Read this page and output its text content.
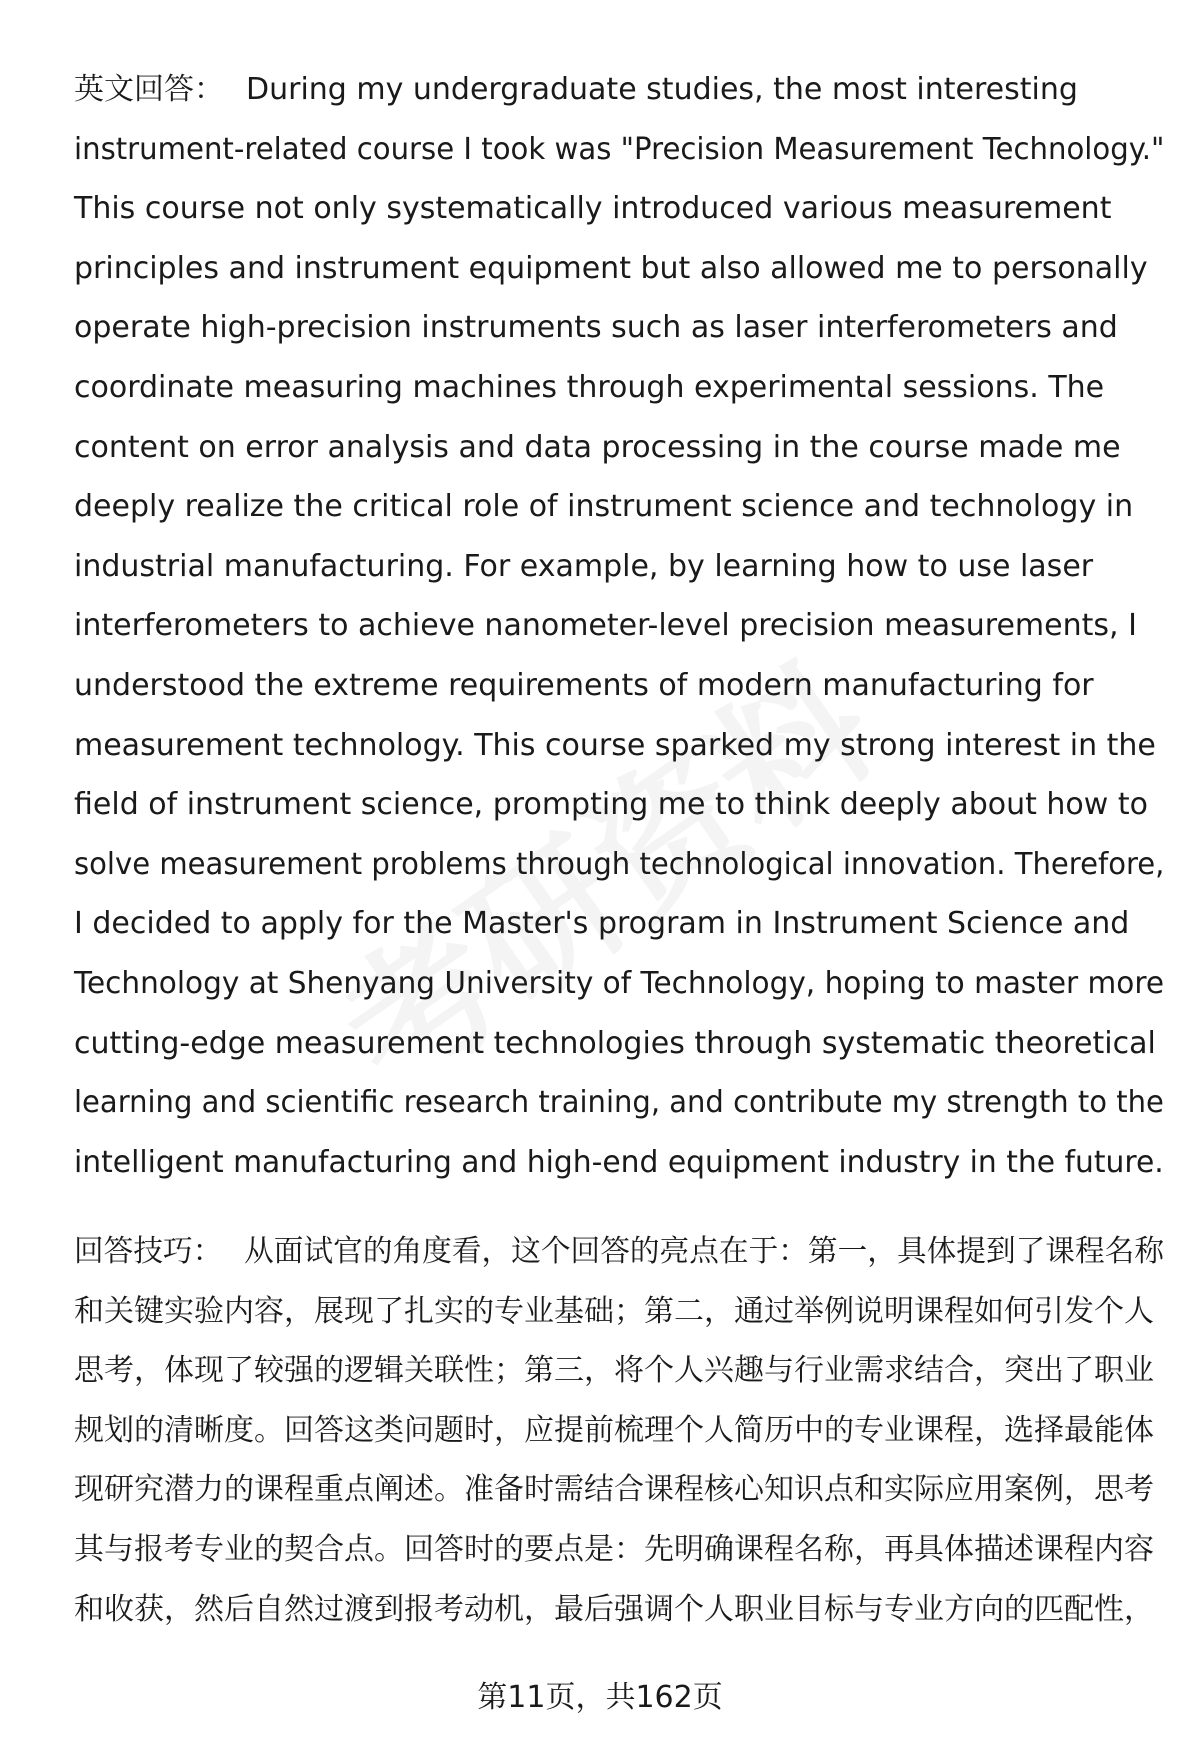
英文回答： During my undergraduate studies, the most interesting
instrument-related course I took was "Precision Measurement Technology."
This course not only systematically introduced various measurement
principles and instrument equipment but also allowed me to personally
operate high-precision instruments such as laser interferometers and
coordinate measuring machines through experimental sessions. The
content on error analysis and data processing in the course made me
deeply realize the critical role of instrument science and technology in
industrial manufacturing. For example, by learning how to use laser
interferometers to achieve nanometer-level precision measurements, I
understood the extreme requirements of modern manufacturing for
measurement technology. This course sparked my strong interest in the
field of instrument science, prompting me to think deeply about how to
solve measurement problems through technological innovation. Therefore,
I decided to apply for the Master's program in Instrument Science and
Technology at Shenyang University of Technology, hoping to master more
cutting-edge measurement technologies through systematic theoretical
learning and scientific research training, and contribute my strength to the
intelligent manufacturing and high-end equipment industry in the future.
回答技巧： 从面试官的角度看，这个回答的亮点在于：第一，具体提到了课程名称
和关键实验内容，展现了扎实的专业基础；第二，通过举例说明课程如何引发个人
思考，体现了较强的逻辑关联性；第三，将个人兴趣与行业需求结合，突出了职业
规划的清晰度。回答这类问题时，应提前梳理个人简历中的专业课程，选择最能体
现研究潜力的课程重点阐述。准备时需结合课程核心知识点和实际应用案例，思考
其与报考专业的契合点。回答时的要点是：先明确课程名称，再具体描述课程内容
和收获，然后自然过渡到报考动机，最后强调个人职业目标与专业方向的匹配性，
第11页，共162页
